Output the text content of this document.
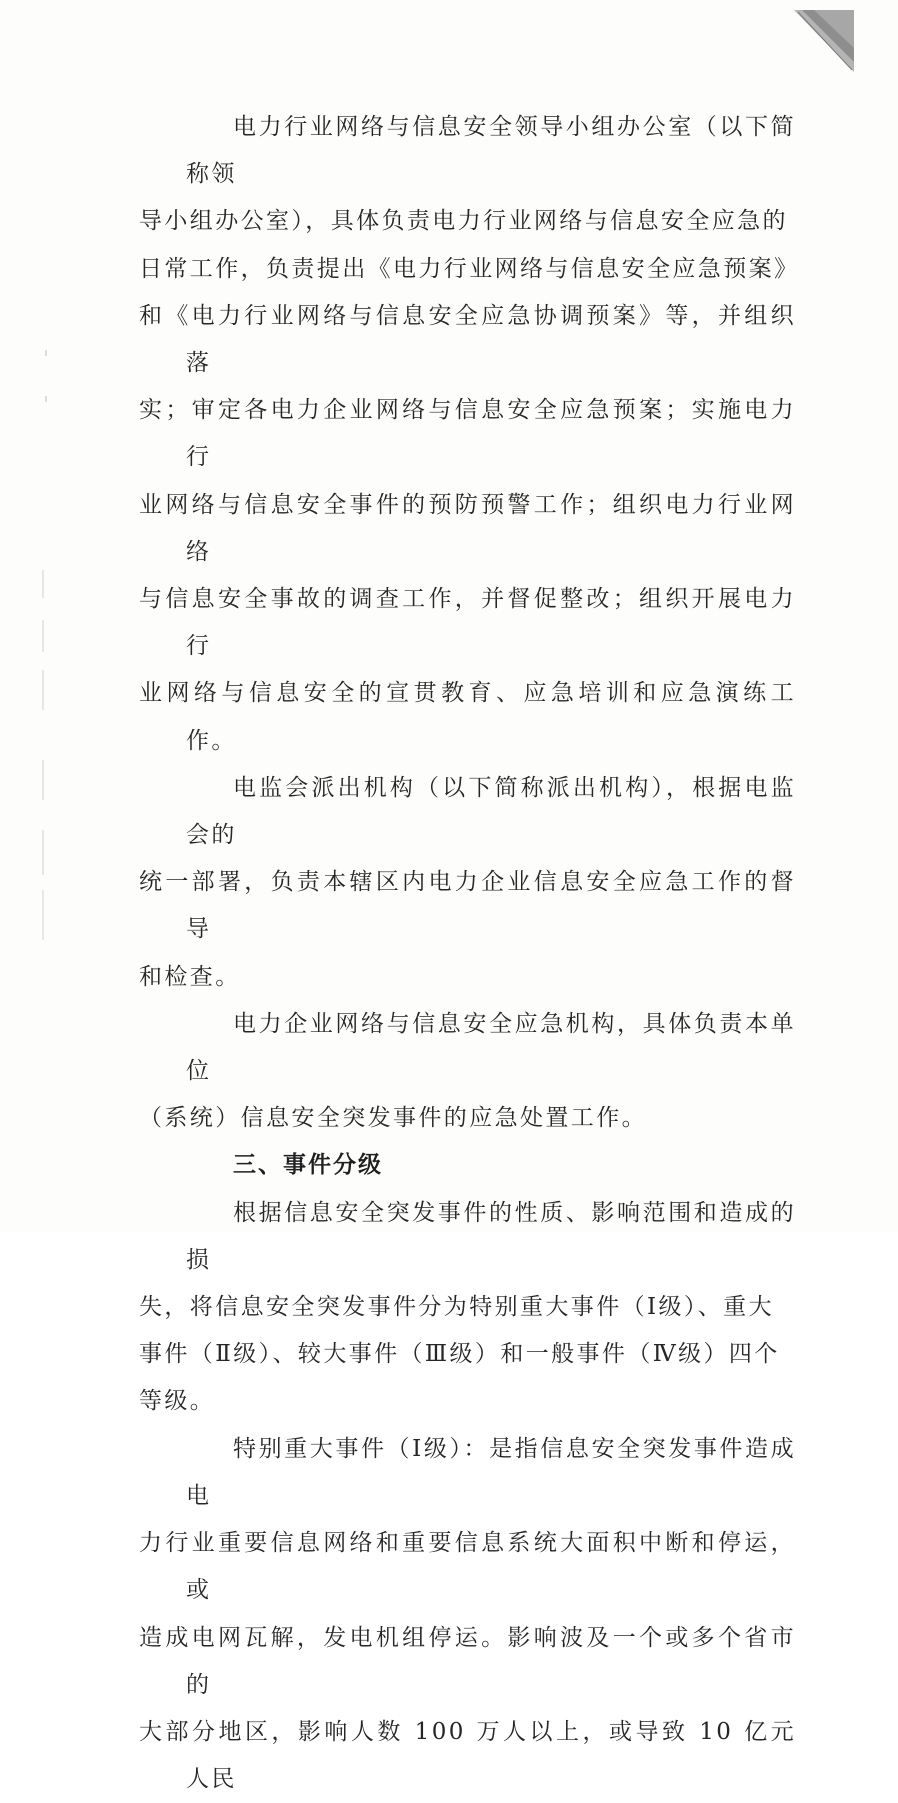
电力行业网络与信息安全领导小组办公室（以下简称领
导小组办公室），具体负责电力行业网络与信息安全应急的
日常工作，负责提出《电力行业网络与信息安全应急预案》
和《电力行业网络与信息安全应急协调预案》等，并组织落
实；审定各电力企业网络与信息安全应急预案；实施电力行
业网络与信息安全事件的预防预警工作；组织电力行业网络
与信息安全事故的调查工作，并督促整改；组织开展电力行
业网络与信息安全的宣贯教育、应急培训和应急演练工作。

电监会派出机构（以下简称派出机构），根据电监会的
统一部署，负责本辖区内电力企业信息安全应急工作的督导
和检查。

电力企业网络与信息安全应急机构，具体负责本单位
（系统）信息安全突发事件的应急处置工作。

三、事件分级

根据信息安全突发事件的性质、影响范围和造成的损
失，将信息安全突发事件分为特别重大事件（Ⅰ级）、重大
事件（Ⅱ级）、较大事件（Ⅲ级）和一般事件（Ⅳ级）四个
等级。

特别重大事件（Ⅰ级）：是指信息安全突发事件造成电
力行业重要信息网络和重要信息系统大面积中断和停运，或
造成电网瓦解，发电机组停运。影响波及一个或多个省市的
大部分地区，影响人数 100 万人以上，或导致 10 亿元人民
